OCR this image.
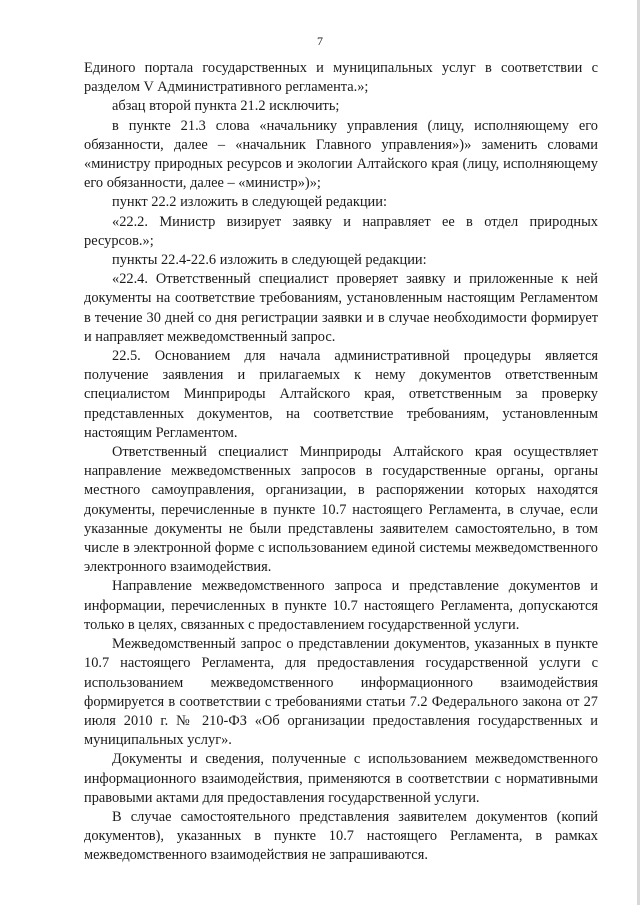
7

Единого портала государственных и муниципальных услуг в соответствии с разделом V Административного регламента.»;

абзац второй пункта 21.2 исключить;

в пункте 21.3 слова «начальнику управления (лицу, исполняющему его обязанности, далее – «начальник Главного управления»)» заменить словами «министру природных ресурсов и экологии Алтайского края (лицу, исполняющему его обязанности, далее – «министр»)»;

пункт 22.2 изложить в следующей редакции:

«22.2. Министр визирует заявку и направляет ее в отдел природных ресурсов.»;

пункты 22.4-22.6 изложить в следующей редакции:

«22.4. Ответственный специалист проверяет заявку и приложенные к ней документы на соответствие требованиям, установленным настоящим Регламентом в течение 30 дней со дня регистрации заявки и в случае необходимости формирует и направляет межведомственный запрос.

22.5. Основанием для начала административной процедуры является получение заявления и прилагаемых к нему документов ответственным специалистом Минприроды Алтайского края, ответственным за проверку представленных документов, на соответствие требованиям, установленным настоящим Регламентом.

Ответственный специалист Минприроды Алтайского края осуществляет направление межведомственных запросов в государственные органы, органы местного самоуправления, организации, в распоряжении которых находятся документы, перечисленные в пункте 10.7 настоящего Регламента, в случае, если указанные документы не были представлены заявителем самостоятельно, в том числе в электронной форме с использованием единой системы межведомственного электронного взаимодействия.

Направление межведомственного запроса и представление документов и информации, перечисленных в пункте 10.7 настоящего Регламента, допускаются только в целях, связанных с предоставлением государственной услуги.

Межведомственный запрос о представлении документов, указанных в пункте 10.7 настоящего Регламента, для предоставления государственной услуги с использованием межведомственного информационного взаимодействия формируется в соответствии с требованиями статьи 7.2 Федерального закона от 27 июля 2010 г. № 210-ФЗ «Об организации предоставления государственных и муниципальных услуг».

Документы и сведения, полученные с использованием межведомственного информационного взаимодействия, применяются в соответствии с нормативными правовыми актами для предоставления государственной услуги.

В случае самостоятельного представления заявителем документов (копий документов), указанных в пункте 10.7 настоящего Регламента, в рамках межведомственного взаимодействия не запрашиваются.
